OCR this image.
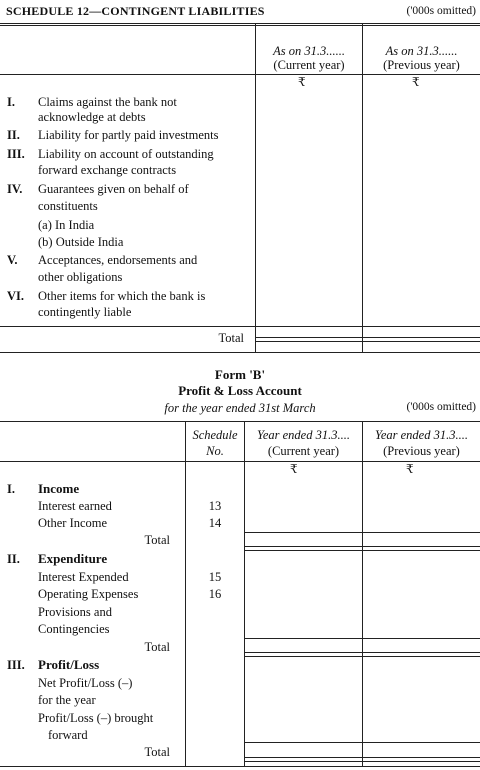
SCHEDULE 12—CONTINGENT LIABILITIES	('000s omitted)
As on 31.3......
(Current year)
As on 31.3......
(Previous year)
₹	₹
I. Claims against the bank not
acknowledge at debts
II. Liability for partly paid investments
III. Liability on account of outstanding
forward exchange contracts
IV. Guarantees given on behalf of
constituents
(a) In India
(b) Outside India
V. Acceptances, endorsements and
other obligations
VI. Other items for which the bank is
contingently liable
Total
Form 'B'
Profit & Loss Account
for the year ended 31st March	('000s omitted)
Schedule
No.
Year ended 31.3....
(Current year)
Year ended 31.3....
(Previous year)
₹	₹
I. Income
Interest earned	13
Other Income	14
Total
II. Expenditure
Interest Expended	15
Operating Expenses	16
Provisions and
Contingencies
Total
III. Profit/Loss
Net Profit/Loss (–)
for the year
Profit/Loss (–) brought
forward
Total
